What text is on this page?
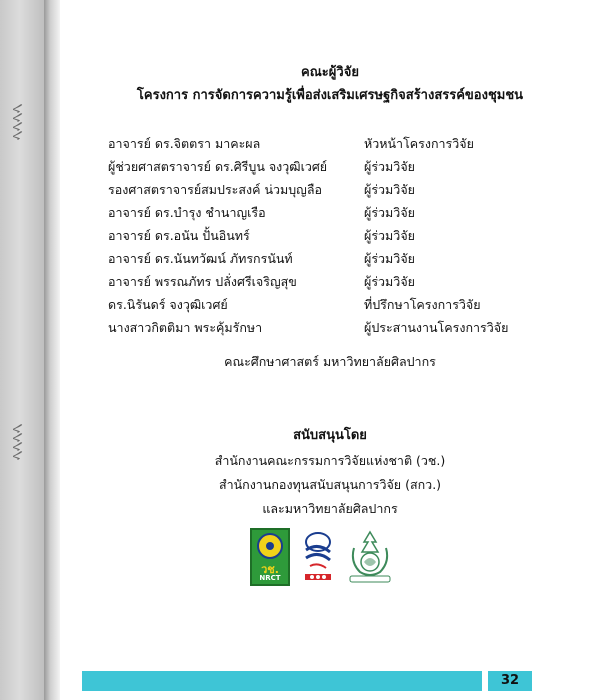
ﾍﾍﾍﾍ
ﾍﾍﾍﾍ
คณะผู้วิจัย
โครงการ การจัดการความรู้เพื่อส่งเสริมเศรษฐกิจสร้างสรรค์ของชุมชน
อาจารย์ ดร.จิตตรา มาคะผล	หัวหน้าโครงการวิจัย
ผู้ช่วยศาสตราจารย์ ดร.ศิรีบูน จงวุฒิเวศย์	ผู้ร่วมวิจัย
รองศาสตราจารย์สมประสงค์ น่วมบุญลือ	ผู้ร่วมวิจัย
อาจารย์ ดร.บำรุง ชำนาญเรือ	ผู้ร่วมวิจัย
อาจารย์ ดร.อนัน ปั้นอินทร์	ผู้ร่วมวิจัย
อาจารย์ ดร.นันทวัฒน์ ภัทรกรนันท์	ผู้ร่วมวิจัย
อาจารย์ พรรณภัทร ปลั่งศรีเจริญสุข	ผู้ร่วมวิจัย
ดร.นิรันดร์ จงวุฒิเวศย์	ที่ปรึกษาโครงการวิจัย
นางสาวกิตติมา พระคุ้มรักษา	ผู้ประสานงานโครงการวิจัย
คณะศึกษาศาสตร์ มหาวิทยาลัยศิลปากร
สนับสนุนโดย
สำนักงานคณะกรรมการวิจัยแห่งชาติ (วช.)
สำนักงานกองทุนสนับสนุนการวิจัย (สกว.)
และมหาวิทยาลัยศิลปากร
วช.
NRCT
32
